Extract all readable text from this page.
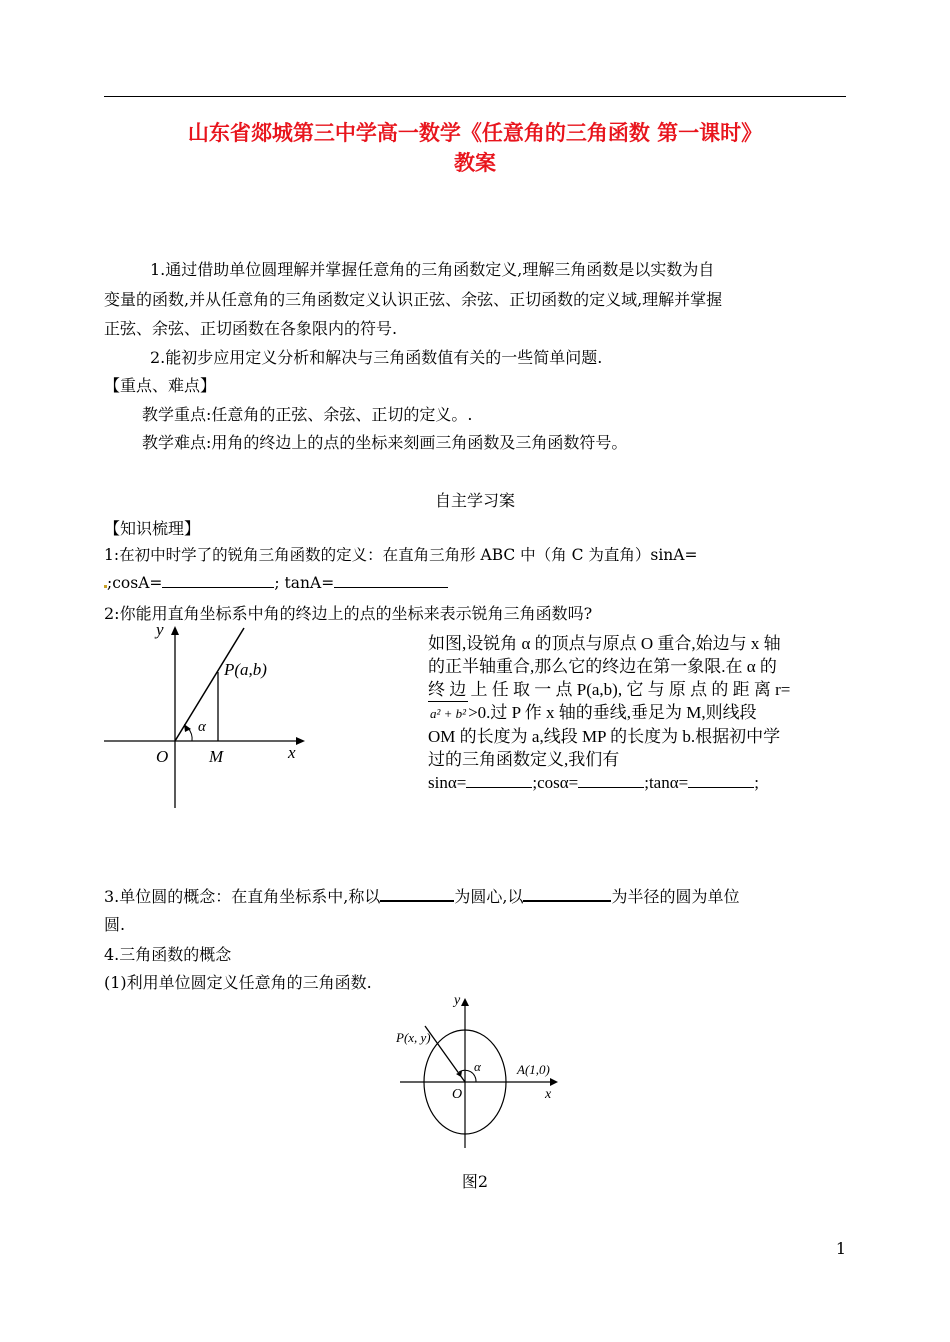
山东省郯城第三中学高一数学《任意角的三角函数 第一课时》
教案
1.通过借助单位圆理解并掌握任意角的三角函数定义,理解三角函数是以实数为自
变量的函数,并从任意角的三角函数定义认识正弦、余弦、正切函数的定义域,理解并掌握
正弦、余弦、正切函数在各象限内的符号.
2.能初步应用定义分析和解决与三角函数值有关的一些简单问题.
【重点、难点】
教学重点:任意角的正弦、余弦、正切的定义。.
教学难点:用角的终边上的点的坐标来刻画三角函数及三角函数符号。
自主学习案
【知识梳理】
1:在初中时学了的锐角三角函数的定义：在直角三角形 ABC 中（角 C 为直角）sinA=
;cosA=	; tanA=
2:你能用直角坐标系中角的终边上的点的坐标来表示锐角三角函数吗?
y
x
O M
P(a,b)
α
如图,设锐角 α 的顶点与原点 O 重合,始边与 x 轴
的正半轴重合,那么它的终边在第一象限.在 α 的
终 边 上 任 取 一 点 P(a,b), 它 与 原 点 的 距 离 r=
a² + b² >0.过 P 作 x 轴的垂线,垂足为 M,则线段
OM 的长度为 a,线段 MP 的长度为 b.根据初中学
过的三角函数定义,我们有
sinα=	;cosα=	;tanα=	;
3.单位圆的概念：在直角坐标系中,称以	为圆心,以	为半径的圆为单位
圆.
4.三角函数的概念
(1)利用单位圆定义任意角的三角函数.
y
x
O
P(x, y)
A(1,0)
α
图2
1
